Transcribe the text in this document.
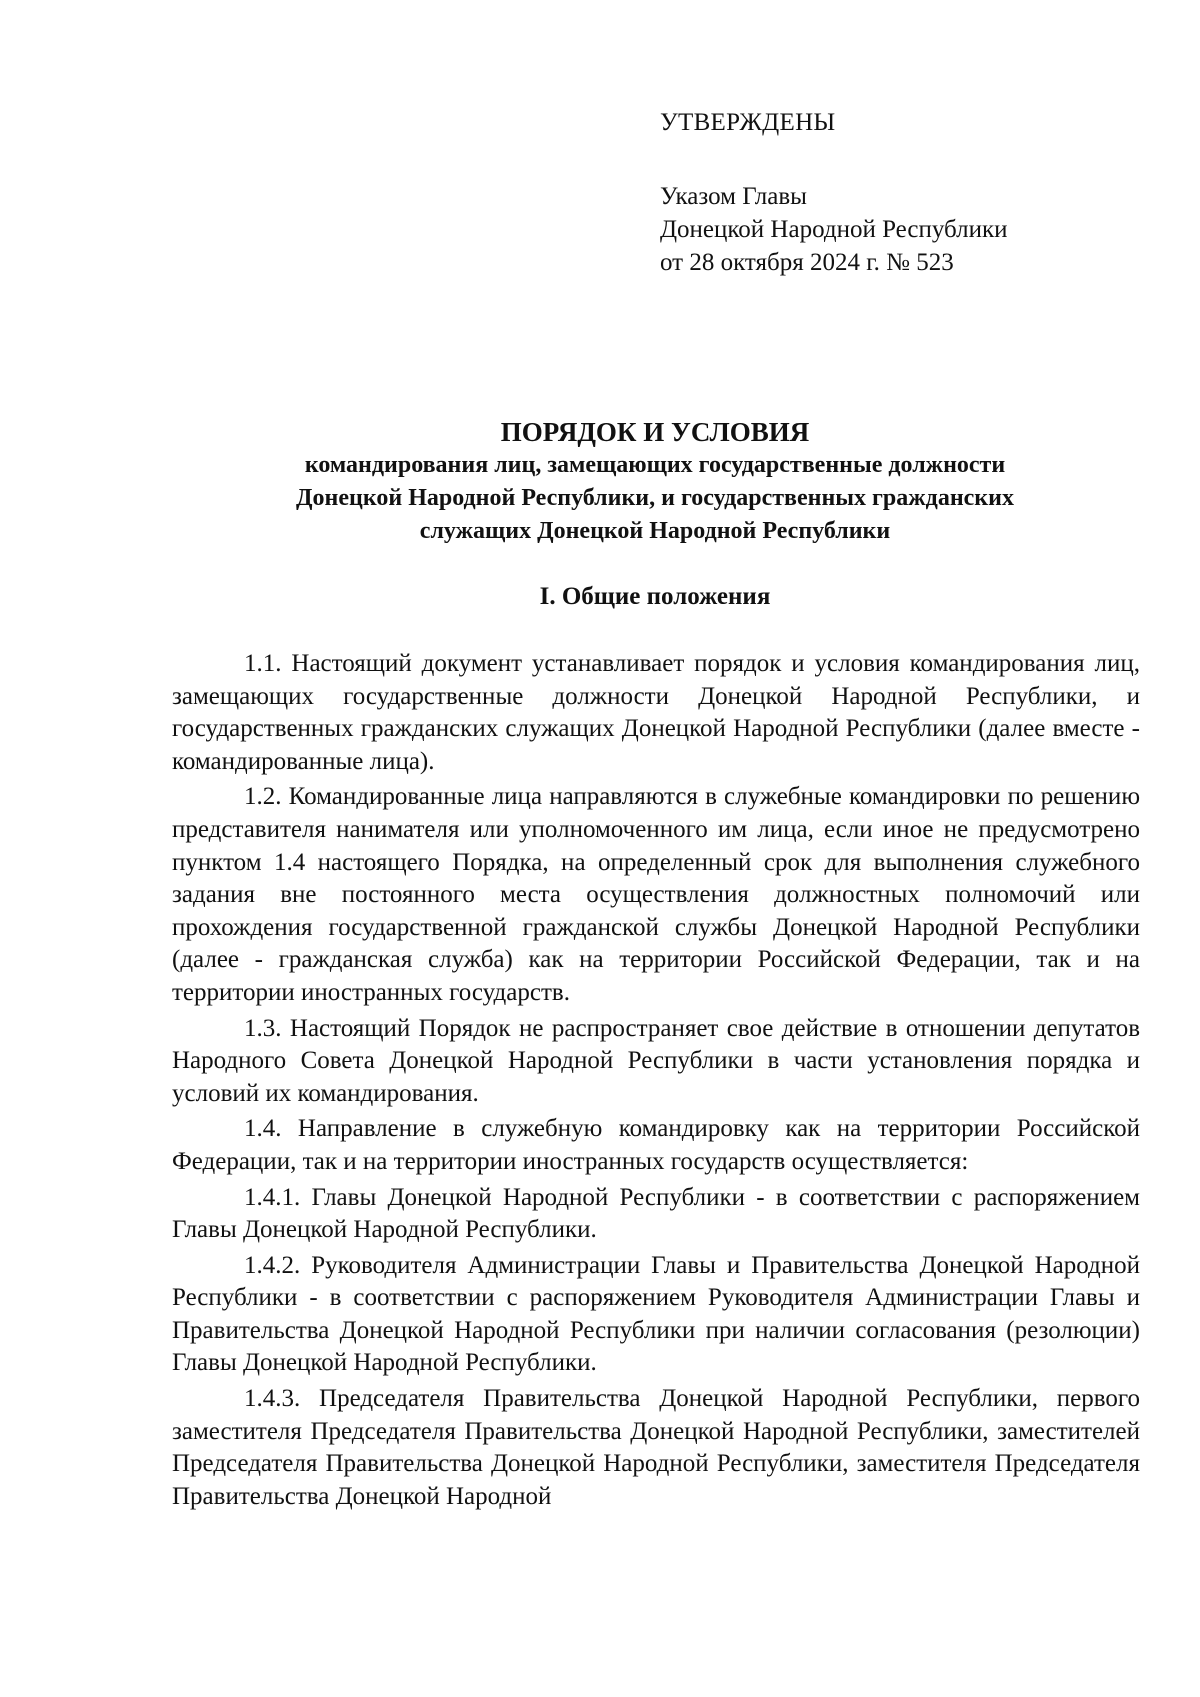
УТВЕРЖДЕНЫ
Указом Главы
Донецкой Народной Республики
от 28 октября 2024 г. № 523
ПОРЯДОК И УСЛОВИЯ
командирования лиц, замещающих государственные должности
Донецкой Народной Республики, и государственных гражданских
служащих Донецкой Народной Республики
I. Общие положения

1.1. Настоящий документ устанавливает порядок и условия командирования лиц, замещающих государственные должности Донецкой Народной Республики, и государственных гражданских служащих Донецкой Народной Республики (далее вместе - командированные лица).

1.2. Командированные лица направляются в служебные командировки по решению представителя нанимателя или уполномоченного им лица, если иное не предусмотрено пунктом 1.4 настоящего Порядка, на определенный срок для выполнения служебного задания вне постоянного места осуществления должностных полномочий или прохождения государственной гражданской службы Донецкой Народной Республики (далее - гражданская служба) как на территории Российской Федерации, так и на территории иностранных государств.

1.3. Настоящий Порядок не распространяет свое действие в отношении депутатов Народного Совета Донецкой Народной Республики в части установления порядка и условий их командирования.

1.4. Направление в служебную командировку как на территории Российской Федерации, так и на территории иностранных государств осуществляется:

1.4.1. Главы Донецкой Народной Республики - в соответствии с распоряжением Главы Донецкой Народной Республики.

1.4.2. Руководителя Администрации Главы и Правительства Донецкой Народной Республики - в соответствии с распоряжением Руководителя Администрации Главы и Правительства Донецкой Народной Республики при наличии согласования (резолюции) Главы Донецкой Народной Республики.

1.4.3. Председателя Правительства Донецкой Народной Республики, первого заместителя Председателя Правительства Донецкой Народной Республики, заместителей Председателя Правительства Донецкой Народной Республики, заместителя Председателя Правительства Донецкой Народной
